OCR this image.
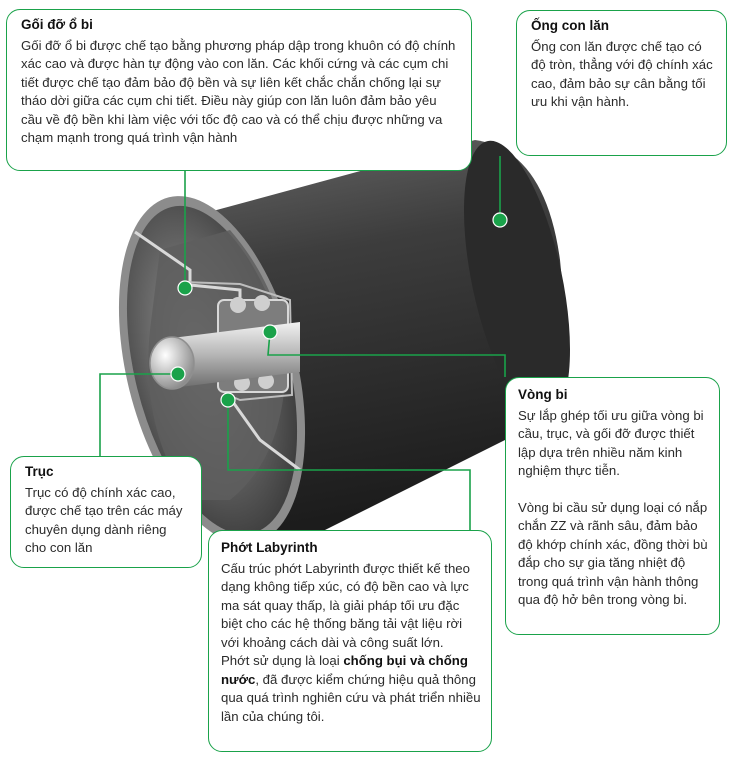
Gối đỡ ổ bi

Gối đỡ ổ bi được chế tạo bằng phương pháp dập trong khuôn có độ chính xác cao và được hàn tự động vào con lăn. Các khối cứng và các cụm chi tiết được chế tạo đảm bảo độ bền và sự liên kết chắc chắn chống lại sự tháo dời giữa các cụm chi tiết. Điều này giúp con lăn luôn đảm bảo yêu cầu về độ bền khi làm việc với tốc độ cao và có thể chịu được những va chạm mạnh trong quá trình vận hành

Ống con lăn

Ống con lăn được chế tạo có độ tròn, thẳng với độ chính xác cao, đảm bảo sự cân bằng tối ưu khi vận hành.

Vòng bi

Sự lắp ghép tối ưu giữa vòng bi cầu, trục, và gối đỡ được thiết lập dựa trên nhiều năm kinh nghiệm thực tiễn.

Vòng bi cầu sử dụng loại có nắp chắn ZZ và rãnh sâu, đảm bảo độ khớp chính xác, đồng thời bù đắp cho sự gia tăng nhiệt độ trong quá trình vận hành thông qua độ hở bên trong vòng bi.

Trục

Trục có độ chính xác cao, được chế tạo trên các máy chuyên dụng dành riêng cho con lăn	Phớt Labyrinth

Cấu trúc phớt Labyrinth được thiết kế theo dạng không tiếp xúc, có độ bền cao và lực ma sát quay thấp, là giải pháp tối ưu đặc biệt cho các hệ thống băng tải vật liệu rời với khoảng cách dài và công suất lớn.

Phớt sử dụng là loại chống bụi và chống nước, đã được kiểm chứng hiệu quả thông qua quá trình nghiên cứu và phát triển nhiều lần của chúng tôi.
